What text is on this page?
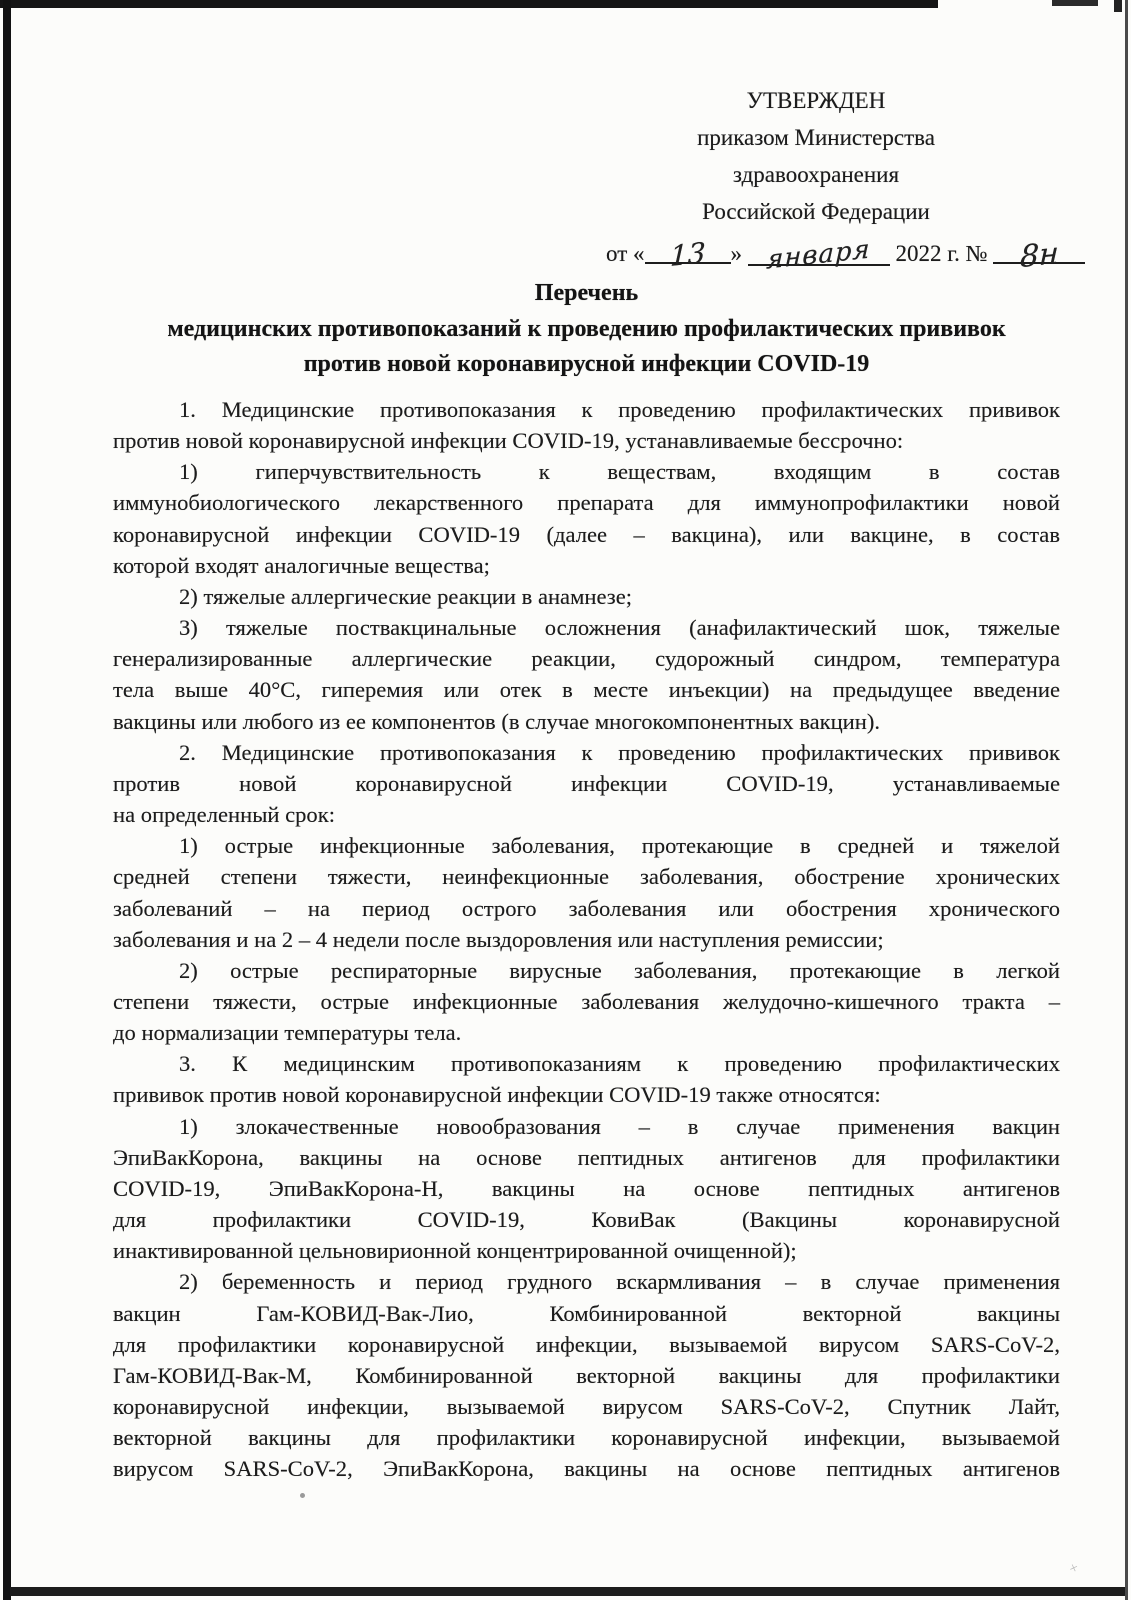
×
УТВЕРЖДЕН
приказом Министерства
здравоохранения
Российской Федерации
от « 13 » января 2022 г. № 8н
Перечень
медицинских противопоказаний к проведению профилактических прививок
против новой коронавирусной инфекции COVID-19
1. Медицинские противопоказания к проведению профилактических прививок
против новой коронавирусной инфекции COVID-19, устанавливаемые бессрочно:
1) гиперчувствительность к веществам, входящим в состав
иммунобиологического лекарственного препарата для иммунопрофилактики новой
коронавирусной инфекции COVID-19 (далее – вакцина), или вакцине, в состав
которой входят аналогичные вещества;
2) тяжелые аллергические реакции в анамнезе;
3) тяжелые поствакцинальные осложнения (анафилактический шок, тяжелые
генерализированные аллергические реакции, судорожный синдром, температура
тела выше 40°С, гиперемия или отек в месте инъекции) на предыдущее введение
вакцины или любого из ее компонентов (в случае многокомпонентных вакцин).
2. Медицинские противопоказания к проведению профилактических прививок
против новой коронавирусной инфекции COVID-19, устанавливаемые
на определенный срок:
1) острые инфекционные заболевания, протекающие в средней и тяжелой
средней степени тяжести, неинфекционные заболевания, обострение хронических
заболеваний – на период острого заболевания или обострения хронического
заболевания и на 2 – 4 недели после выздоровления или наступления ремиссии;
2) острые респираторные вирусные заболевания, протекающие в легкой
степени тяжести, острые инфекционные заболевания желудочно-кишечного тракта –
до нормализации температуры тела.
3. К медицинским противопоказаниям к проведению профилактических
прививок против новой коронавирусной инфекции COVID-19 также относятся:
1) злокачественные новообразования – в случае применения вакцин
ЭпиВакКорона, вакцины на основе пептидных антигенов для профилактики
COVID-19, ЭпиВакКорона-Н, вакцины на основе пептидных антигенов
для профилактики COVID-19, КовиВак (Вакцины коронавирусной
инактивированной цельновирионной концентрированной очищенной);
2) беременность и период грудного вскармливания – в случае применения
вакцин Гам-КОВИД-Вак-Лио, Комбинированной векторной вакцины
для профилактики коронавирусной инфекции, вызываемой вирусом SARS-CoV-2,
Гам-КОВИД-Вак-М, Комбинированной векторной вакцины для профилактики
коронавирусной инфекции, вызываемой вирусом SARS-CoV-2, Спутник Лайт,
векторной вакцины для профилактики коронавирусной инфекции, вызываемой
вирусом SARS-CoV-2, ЭпиВакКорона, вакцины на основе пептидных антигенов
